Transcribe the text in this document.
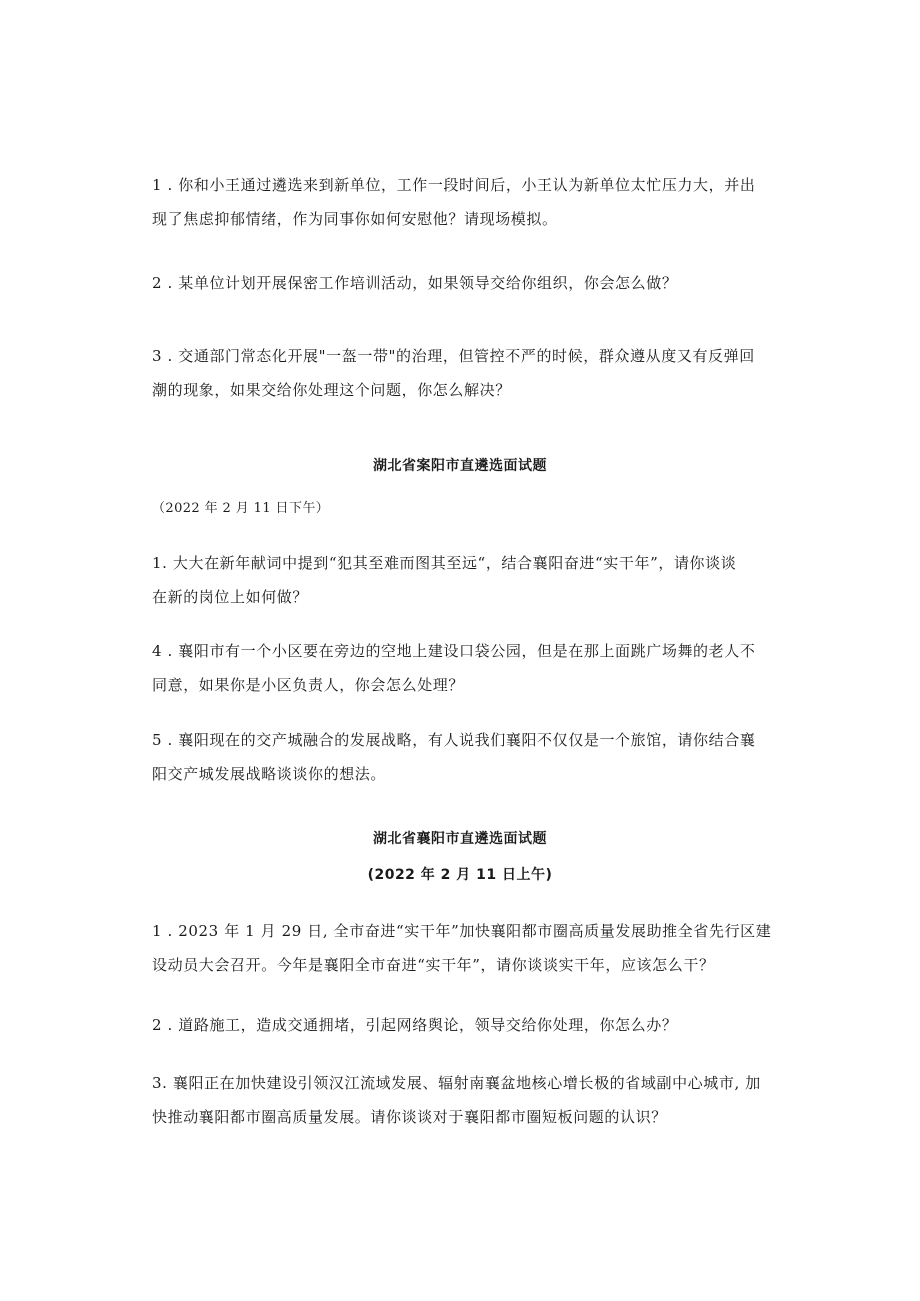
1 . 你和小王通过遴选来到新单位，工作一段时间后，小王认为新单位太忙压力大，并出
现了焦虑抑郁情绪，作为同事你如何安慰他？请现场模拟。
2 . 某单位计划开展保密工作培训活动，如果领导交给你组织，你会怎么做？
3 . 交通部门常态化开展"一盔一带"的治理，但管控不严的时候，群众遵从度又有反弹回
潮的现象，如果交给你处理这个问题，你怎么解决？
湖北省案阳市直遴选面试题
（2022 年 2 月 11 日下午）
1. 大大在新年献词中提到“犯其至难而图其至远“，结合襄阳奋进“实干年”，请你谈谈
在新的岗位上如何做？
4 . 襄阳市有一个小区要在旁边的空地上建设口袋公园，但是在那上面跳广场舞的老人不
同意，如果你是小区负责人，你会怎么处理？
5 . 襄阳现在的交产城融合的发展战略，有人说我们襄阳不仅仅是一个旅馆，请你结合襄
阳交产城发展战略谈谈你的想法。
湖北省襄阳市直遴选面试题
(2022 年 2 月 11 日上午)
1 . 2023 年 1 月 29 日, 全市奋进“实干年”加快襄阳都市圈高质量发展助推全省先行区建
设动员大会召开。今年是襄阳全市奋进“实干年”，请你谈谈实干年，应该怎么干？
2 . 道路施工，造成交通拥堵，引起网络舆论，领导交给你处理，你怎么办？
3. 襄阳正在加快建设引领汉江流域发展、辐射南襄盆地核心增长极的省域副中心城市, 加
快推动襄阳都市圈高质量发展。请你谈谈对于襄阳都市圈短板问题的认识？
